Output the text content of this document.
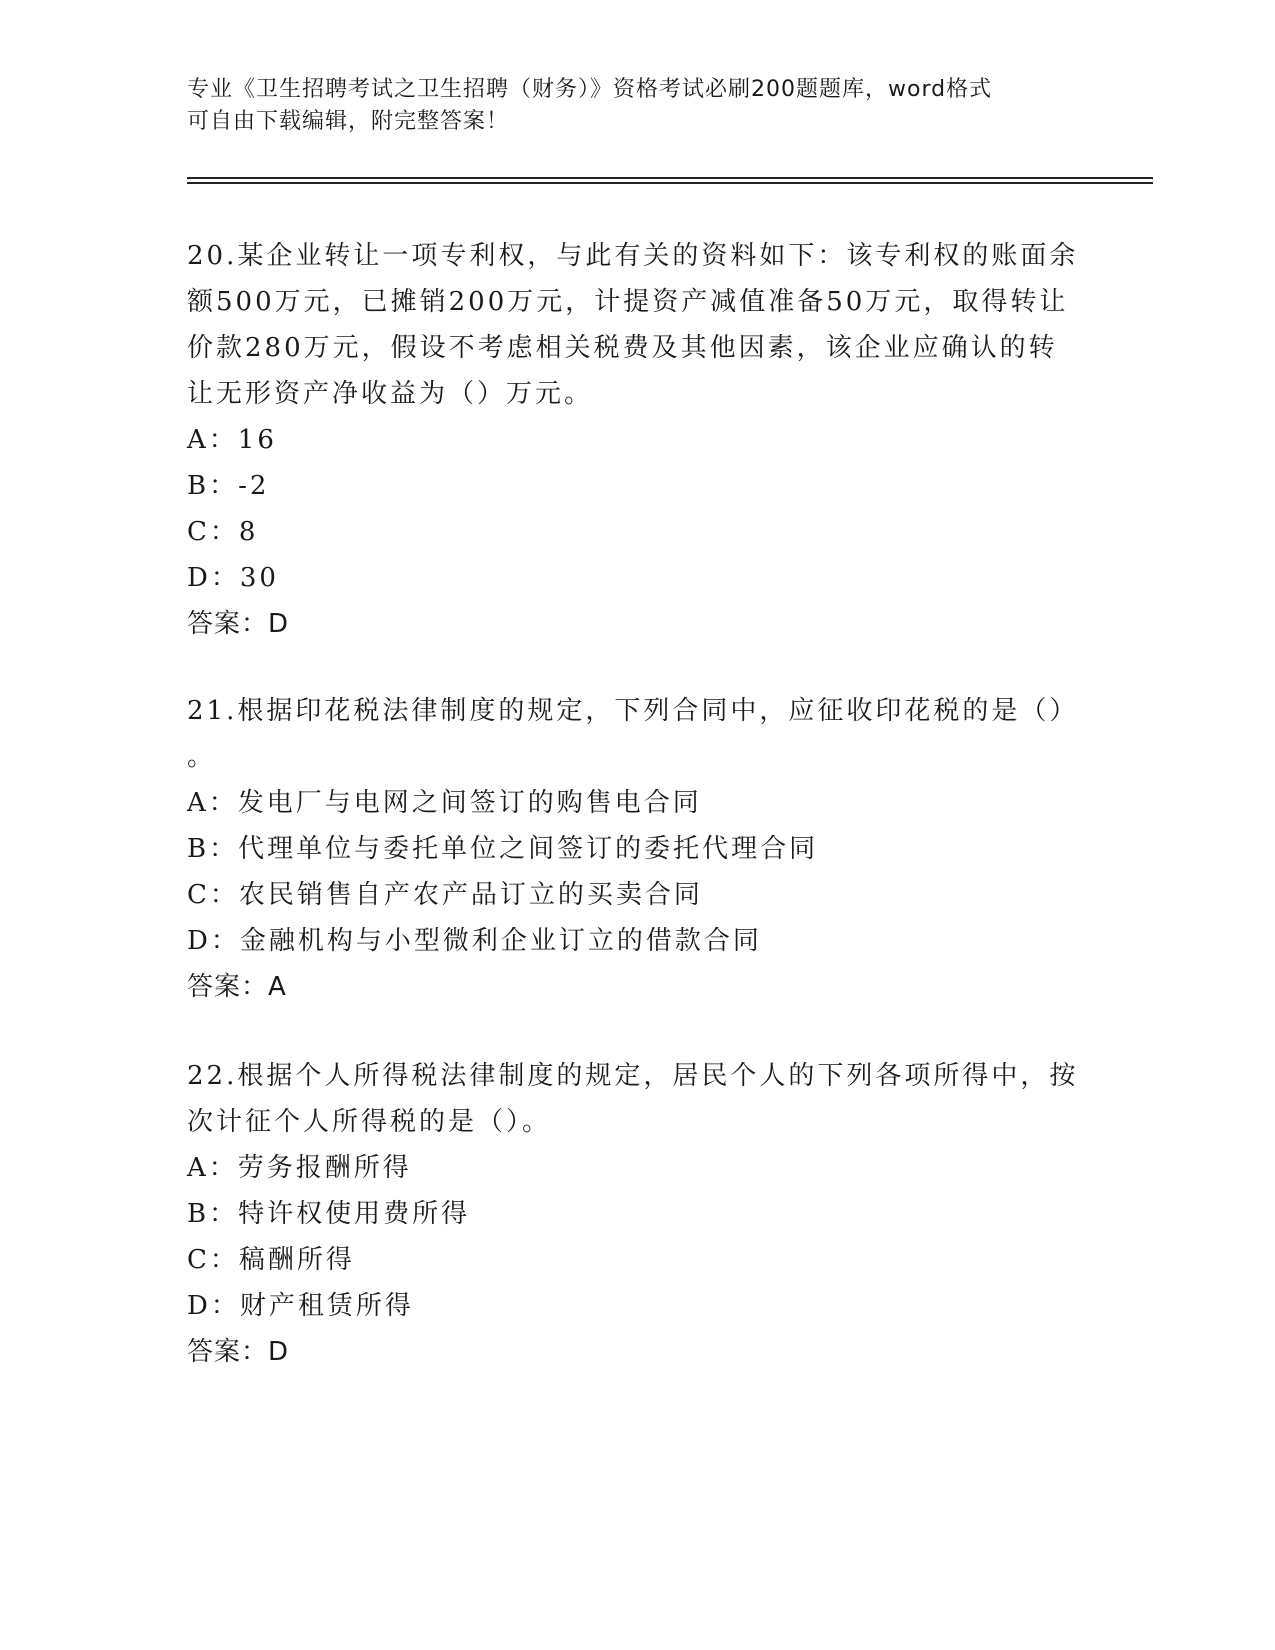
专业《卫生招聘考试之卫生招聘（财务）》资格考试必刷200题题库，word格式

可自由下载编辑，附完整答案！

20.某企业转让一项专利权，与此有关的资料如下：该专利权的账面余

额500万元，已摊销200万元，计提资产减值准备50万元，取得转让

价款280万元，假设不考虑相关税费及其他因素，该企业应确认的转

让无形资产净收益为（）万元。

A：16

B：-2

C：8

D：30

答案：D

21.根据印花税法律制度的规定，下列合同中，应征收印花税的是（）

。

A：发电厂与电网之间签订的购售电合同

B：代理单位与委托单位之间签订的委托代理合同

C：农民销售自产农产品订立的买卖合同

D：金融机构与小型微利企业订立的借款合同

答案：A

22.根据个人所得税法律制度的规定，居民个人的下列各项所得中，按

次计征个人所得税的是（）。

A：劳务报酬所得

B：特许权使用费所得

C：稿酬所得

D：财产租赁所得

答案：D
